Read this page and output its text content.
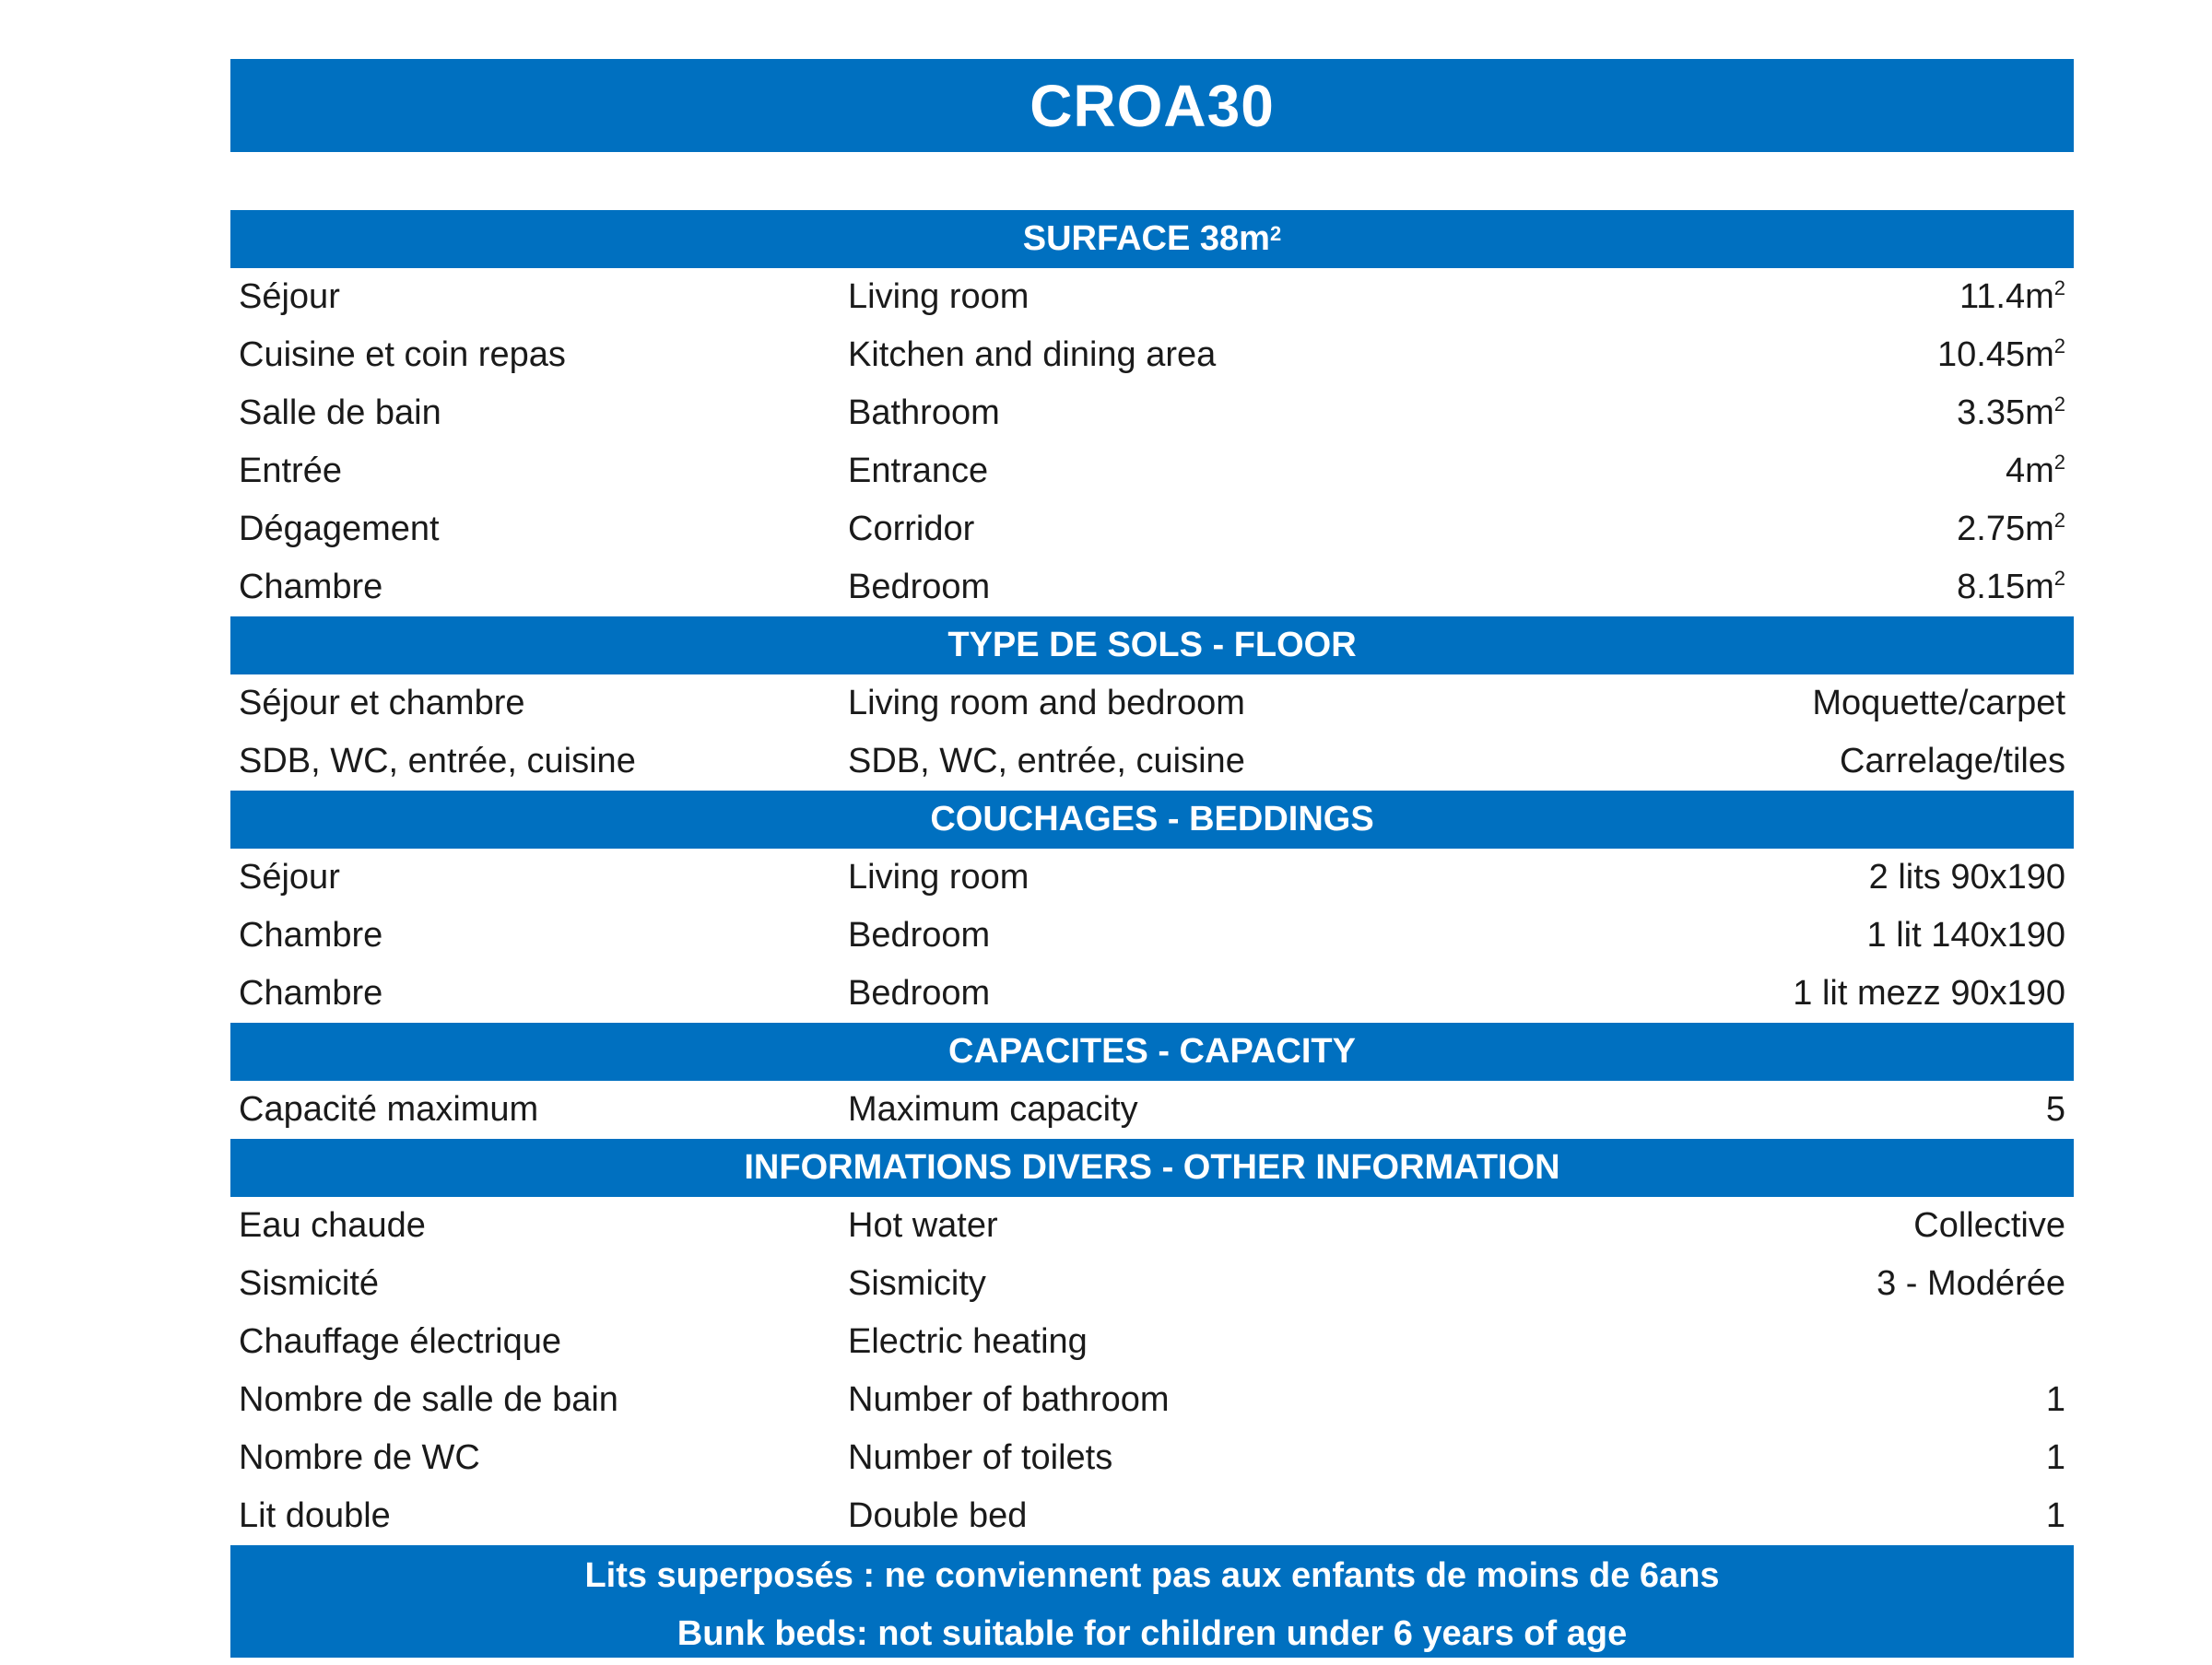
CROA30
SURFACE $38m^2$
Séjour	Living room	$11.4m^2$
Cuisine et coin repas	Kitchen and dining area	$10.45m^2$
Salle de bain	Bathroom	$3.35m^2$
Entrée	Entrance	$4m^2$
Dégagement	Corridor	$2.75m^2$
Chambre	Bedroom	$8.15m^2$
TYPE DE SOLS - FLOOR
Séjour et chambre	Living room and bedroom	Moquette/carpet
SDB, WC, entrée, cuisine	SDB, WC, entrée, cuisine	Carrelage/tiles
COUCHAGES - BEDDINGS
Séjour	Living room	2 lits 90x190
Chambre	Bedroom	1 lit 140x190
Chambre	Bedroom	1 lit mezz 90x190
CAPACITES - CAPACITY
Capacité maximum	Maximum capacity	5
INFORMATIONS DIVERS - OTHER INFORMATION
Eau chaude	Hot water	Collective
Sismicité	Sismicity	3 - Modérée
Chauffage électrique	Electric heating
Nombre de salle de bain	Number of bathroom	1
Nombre de WC	Number of toilets	1
Lit double	Double bed	1
Lits superposés : ne conviennent pas aux enfants de moins de 6ans
Bunk beds: not suitable for children under 6 years of age
